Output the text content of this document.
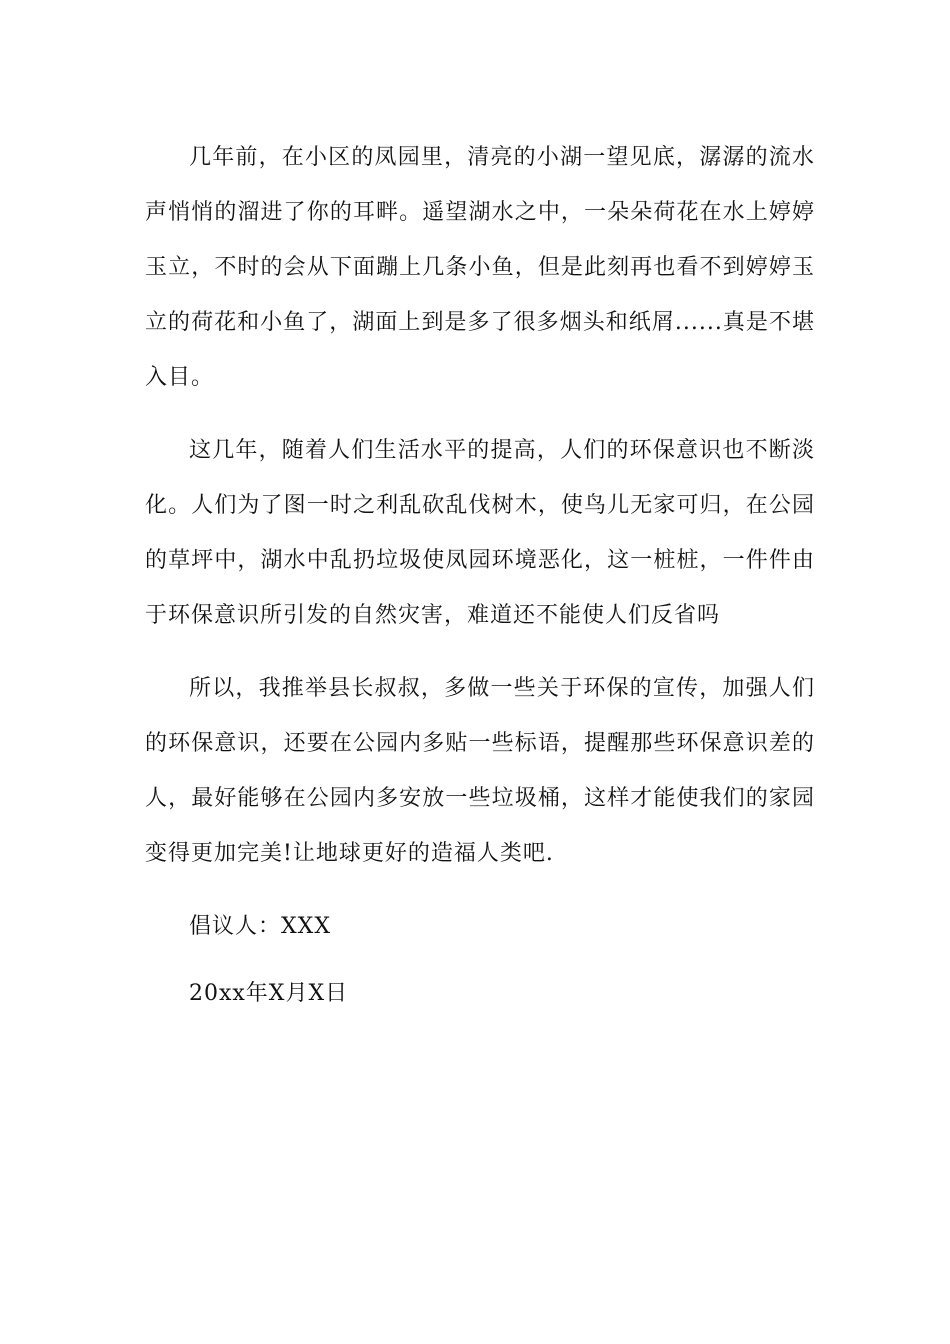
几年前，在小区的凤园里，清亮的小湖一望见底，潺潺的流水声悄悄的溜进了你的耳畔。遥望湖水之中，一朵朵荷花在水上婷婷玉立，不时的会从下面蹦上几条小鱼，但是此刻再也看不到婷婷玉立的荷花和小鱼了，湖面上到是多了很多烟头和纸屑......真是不堪入目。

这几年，随着人们生活水平的提高，人们的环保意识也不断淡化。人们为了图一时之利乱砍乱伐树木，使鸟儿无家可归，在公园的草坪中，湖水中乱扔垃圾使凤园环境恶化，这一桩桩，一件件由于环保意识所引发的自然灾害，难道还不能使人们反省吗

所以，我推举县长叔叔，多做一些关于环保的宣传，加强人们的环保意识，还要在公园内多贴一些标语，提醒那些环保意识差的人，最好能够在公园内多安放一些垃圾桶，这样才能使我们的家园变得更加完美!让地球更好的造福人类吧.

倡议人：XXX

20xx年X月X日
